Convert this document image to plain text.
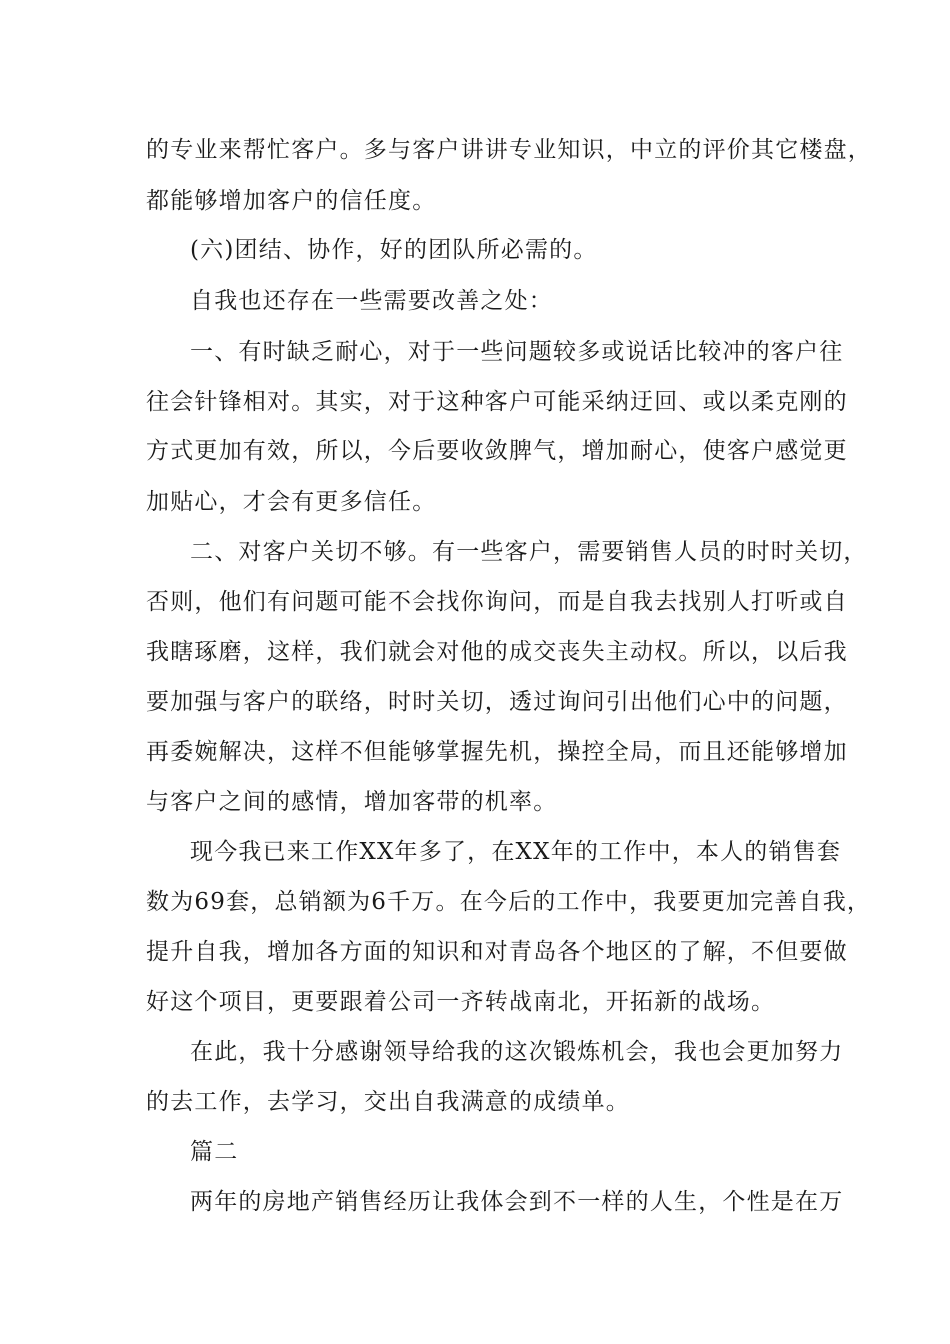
的专业来帮忙客户。多与客户讲讲专业知识，中立的评价其它楼盘，
都能够增加客户的信任度。
(六)团结、协作，好的团队所必需的。
自我也还存在一些需要改善之处：
一、有时缺乏耐心，对于一些问题较多或说话比较冲的客户往
往会针锋相对。其实，对于这种客户可能采纳迂回、或以柔克刚的
方式更加有效，所以，今后要收敛脾气，增加耐心，使客户感觉更
加贴心，才会有更多信任。
二、对客户关切不够。有一些客户，需要销售人员的时时关切，
否则，他们有问题可能不会找你询问，而是自我去找别人打听或自
我瞎琢磨，这样，我们就会对他的成交丧失主动权。所以，以后我
要加强与客户的联络，时时关切，透过询问引出他们心中的问题，
再委婉解决，这样不但能够掌握先机，操控全局，而且还能够增加
与客户之间的感情，增加客带的机率。
现今我已来工作XX年多了，在XX年的工作中，本人的销售套
数为69套，总销额为6千万。在今后的工作中，我要更加完善自我，
提升自我，增加各方面的知识和对青岛各个地区的了解，不但要做
好这个项目，更要跟着公司一齐转战南北，开拓新的战场。
在此，我十分感谢领导给我的这次锻炼机会，我也会更加努力
的去工作，去学习，交出自我满意的成绩单。
篇二
两年的房地产销售经历让我体会到不一样的人生，个性是在万
